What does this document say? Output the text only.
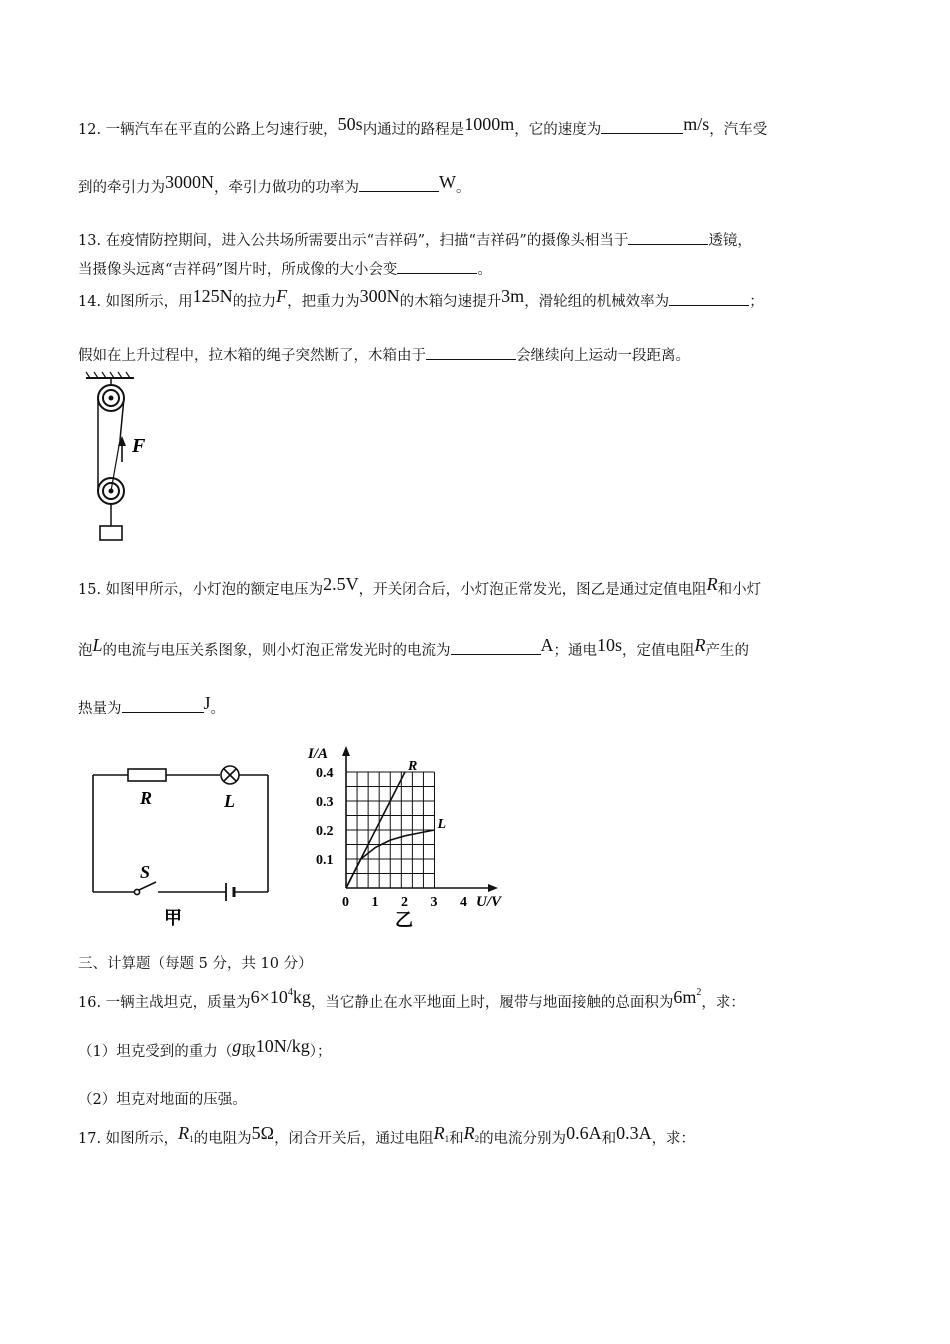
12. 一辆汽车在平直的公路上匀速行驶，50s内通过的路程是1000m，它的速度为	m/s，汽车受
到的牵引力为3000N，牵引力做功的功率为	W。
13. 在疫情防控期间，进入公共场所需要出示“吉祥码”，扫描“吉祥码”的摄像头相当于	透镜，
当摄像头远离“吉祥码”图片时，所成像的大小会变	。
14. 如图所示，用125N的拉力F，把重力为300N的木箱匀速提升3m，滑轮组的机械效率为	；
假如在上升过程中，拉木箱的绳子突然断了，木箱由于	会继续向上运动一段距离。
F
15. 如图甲所示，小灯泡的额定电压为2.5V，开关闭合后，小灯泡正常发光，图乙是通过定值电阻R和小灯
泡L的电流与电压关系图象，则小灯泡正常发光时的电流为	A；通电10s，定值电阻R产生的
热量为	J。
R	L
S
甲
0 1 2 3 4
0.1
0.2
0.3
0.4
U/V
I/A
R
L
乙
三、计算题（每题 5 分，共 10 分）
16. 一辆主战坦克，质量为$6\times 10^4kg$，当它静止在水平地面上时，履带与地面接触的总面积为$6m^2$，求：
（1）坦克受到的重力（g取10N/kg）；
（2）坦克对地面的压强。
17. 如图所示，$R_1$的电阻为5Ω，闭合开关后，通过电阻$R_1$和$R_2$的电流分别为0.6A和0.3A，求：
